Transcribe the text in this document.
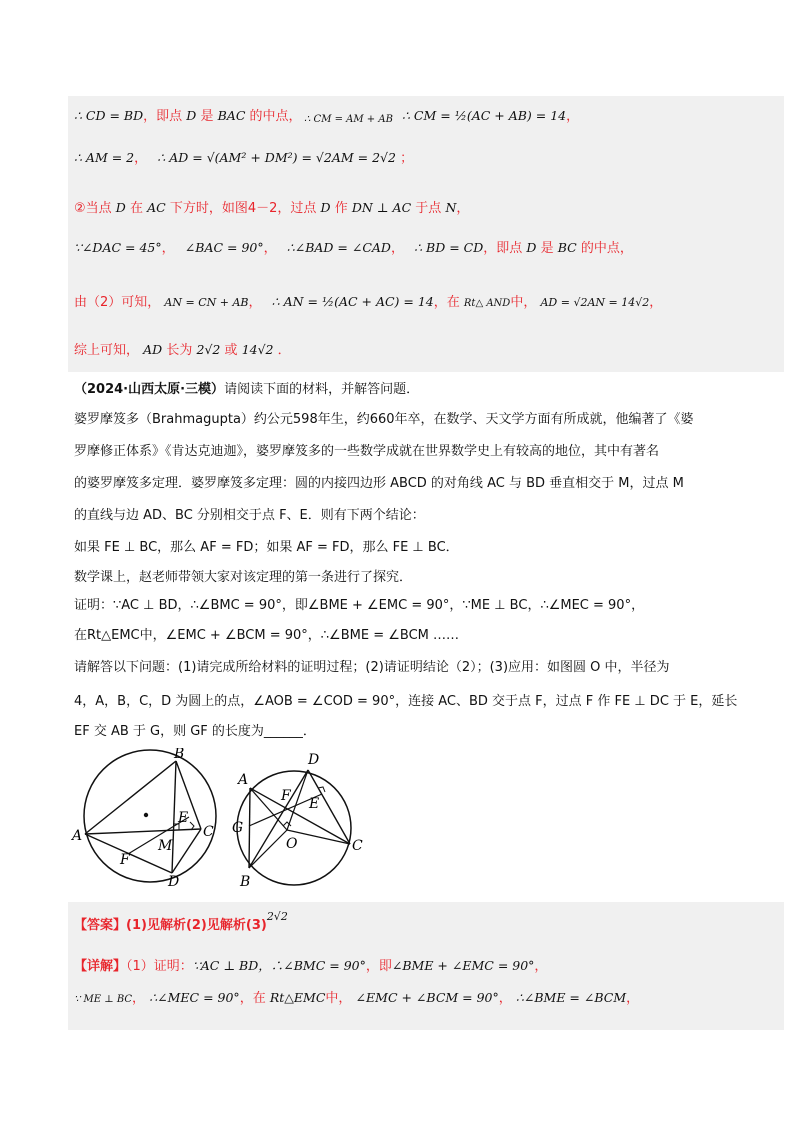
∴ CD = BD，即点 D 是 BAC 的中点， ∴ CM = AM + AB ∴ CM = ½(AC + AB) = 14，
∴ AM = 2， ∴ AD = √(AM² + DM²) = √2AM = 2√2 ；
②当点 D 在 AC 下方时，如图4－2，过点 D 作 DN ⊥ AC 于点 N，
∵∠DAC = 45°， ∠BAC = 90°， ∴∠BAD = ∠CAD， ∴ BD = CD，即点 D 是 BC 的中点，
由（2）可知， AN = CN + AB， ∴ AN = ½(AC + AC) = 14，在 Rt△ AND中， AD = √2AN = 14√2，
综上可知， AD 长为 2√2 或 14√2 ．
（2024·山西太原·三模）请阅读下面的材料，并解答问题．
婆罗摩笈多（Brahmagupta）约公元598年生，约660年卒，在数学、天文学方面有所成就，他编著了《婆
罗摩修正体系》《肯达克迪迦》，婆罗摩笈多的一些数学成就在世界数学史上有较高的地位，其中有著名
的婆罗摩笈多定理．婆罗摩笈多定理：圆的内接四边形 ABCD 的对角线 AC 与 BD 垂直相交于 M，过点 M
的直线与边 AD、BC 分别相交于点 F、E．则有下两个结论：
如果 FE ⊥ BC，那么 AF = FD；如果 AF = FD，那么 FE ⊥ BC．
数学课上，赵老师带领大家对该定理的第一条进行了探究．
证明：∵AC ⊥ BD，∴∠BMC = 90°，即∠BME + ∠EMC = 90°，∵ME ⊥ BC，∴∠MEC = 90°，
在Rt△EMC中，∠EMC + ∠BCM = 90°，∴∠BME = ∠BCM ……
请解答以下问题：(1)请完成所给材料的证明过程；(2)请证明结论（2）；(3)应用：如图圆 O 中，半径为
4，A，B，C，D 为圆上的点，∠AOB = ∠COD = 90°，连接 AC、BD 交于点 F，过点 F 作 FE ⊥ DC 于 E，延长
EF 交 AB 于 G，则 GF 的长度为______．
A
B
C
D
E
F
M
A
B
C
D
E
F
G
O
【答案】(1)见解析(2)见解析$(3)^{2√2}$
【详解】（1）证明：∵AC ⊥ BD，∴∠BMC = 90°，即∠BME + ∠EMC = 90°，
∵ ME ⊥ BC， ∴∠MEC = 90°，在 Rt△EMC中， ∠EMC + ∠BCM = 90°， ∴∠BME = ∠BCM，
